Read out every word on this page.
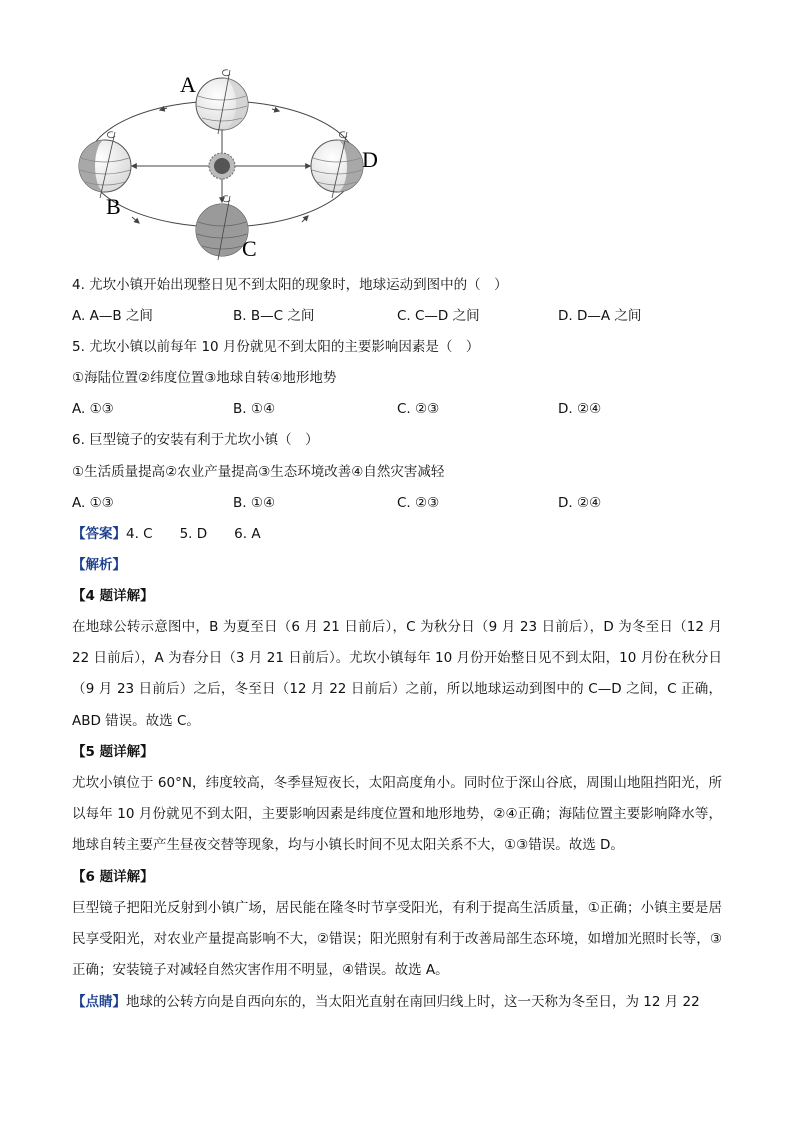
A
B
C
D
4. 尤坎小镇开始出现整日见不到太阳的现象时，地球运动到图中的（　）
A. A—B 之间	B. B—C 之间	C. C—D 之间	D. D—A 之间
5. 尤坎小镇以前每年 10 月份就见不到太阳的主要影响因素是（　）
①海陆位置②纬度位置③地球自转④地形地势
A. ①③	B. ①④	C. ②③	D. ②④
6. 巨型镜子的安装有利于尤坎小镇（　）
①生活质量提高②农业产量提高③生态环境改善④自然灾害减轻
A. ①③	B. ①④	C. ②③	D. ②④
【答案】4. C　　5. D　　6. A
【解析】
【4 题详解】
在地球公转示意图中，B 为夏至日（6 月 21 日前后），C 为秋分日（9 月 23 日前后），D 为冬至日（12 月 22 日前后），A 为春分日（3 月 21 日前后）。尤坎小镇每年 10 月份开始整日见不到太阳，10 月份在秋分日（9 月 23 日前后）之后，冬至日（12 月 22 日前后）之前，所以地球运动到图中的 C—D 之间，C 正确，ABD 错误。故选 C。
【5 题详解】
尤坎小镇位于 60°N，纬度较高，冬季昼短夜长，太阳高度角小。同时位于深山谷底，周围山地阻挡阳光，所以每年 10 月份就见不到太阳，主要影响因素是纬度位置和地形地势，②④正确；海陆位置主要影响降水等，地球自转主要产生昼夜交替等现象，均与小镇长时间不见太阳关系不大，①③错误。故选 D。
【6 题详解】
巨型镜子把阳光反射到小镇广场，居民能在隆冬时节享受阳光，有利于提高生活质量，①正确；小镇主要是居民享受阳光，对农业产量提高影响不大，②错误；阳光照射有利于改善局部生态环境，如增加光照时长等，③正确；安装镜子对减轻自然灾害作用不明显，④错误。故选 A。
【点睛】地球的公转方向是自西向东的，当太阳光直射在南回归线上时，这一天称为冬至日，为 12 月 22
